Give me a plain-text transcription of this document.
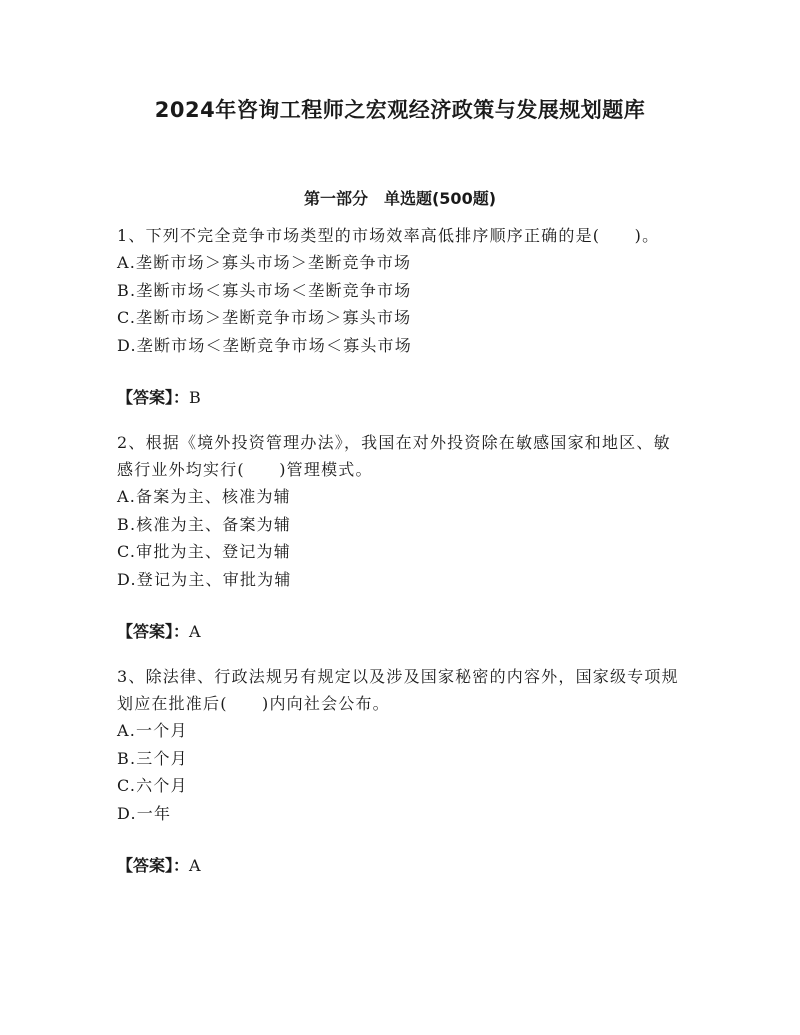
2024年咨询工程师之宏观经济政策与发展规划题库
第一部分　单选题(500题)
1、下列不完全竞争市场类型的市场效率高低排序顺序正确的是(　　)。
A.垄断市场＞寡头市场＞垄断竞争市场
B.垄断市场＜寡头市场＜垄断竞争市场
C.垄断市场＞垄断竞争市场＞寡头市场
D.垄断市场＜垄断竞争市场＜寡头市场
【答案】：B
2、根据《境外投资管理办法》，我国在对外投资除在敏感国家和地区、敏感行业外均实行(　　)管理模式。
A.备案为主、核准为辅
B.核准为主、备案为辅
C.审批为主、登记为辅
D.登记为主、审批为辅
【答案】：A
3、除法律、行政法规另有规定以及涉及国家秘密的内容外，国家级专项规划应在批准后(　　)内向社会公布。
A.一个月
B.三个月
C.六个月
D.一年
【答案】：A
